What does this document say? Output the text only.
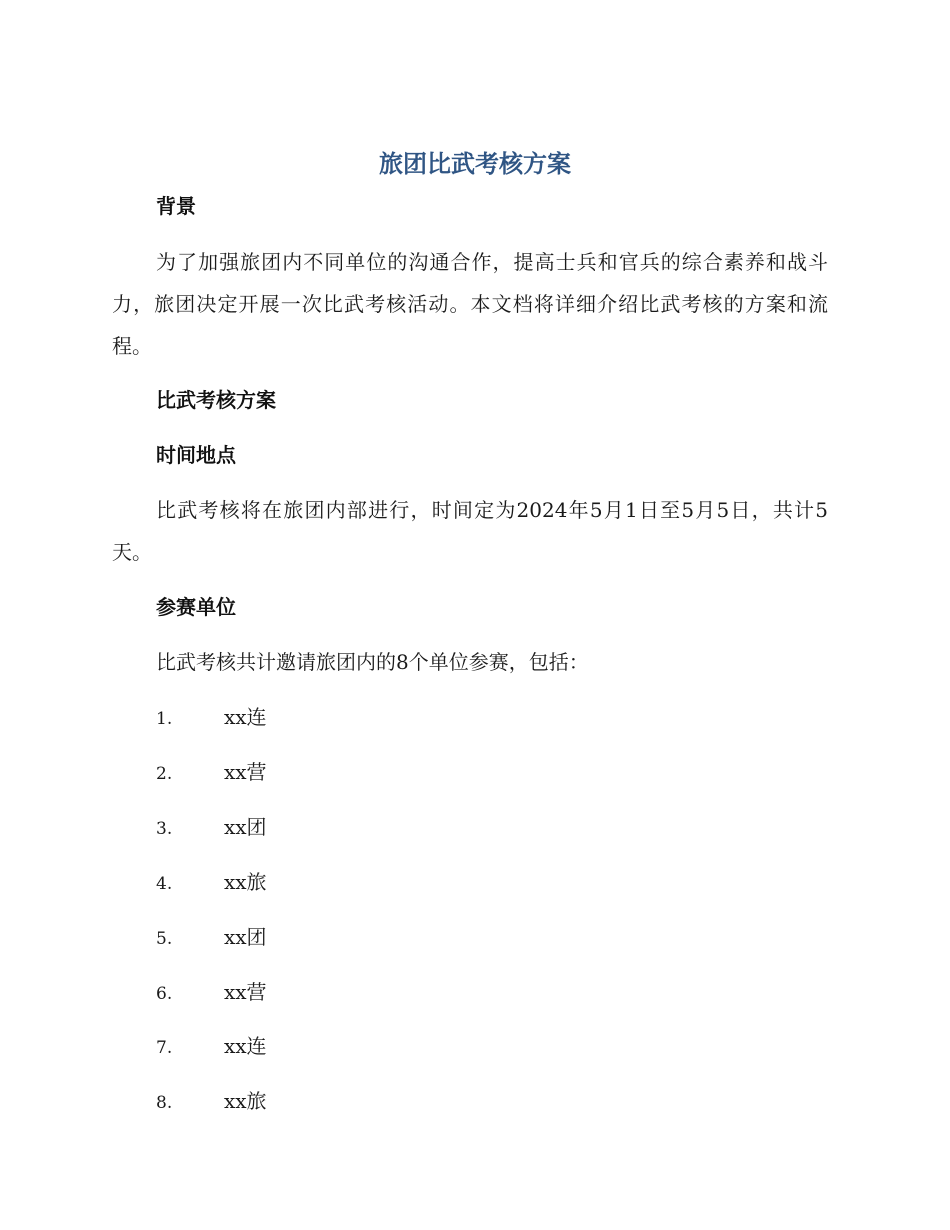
旅团比武考核方案
背景
为了加强旅团内不同单位的沟通合作，提高士兵和官兵的综合素养和战斗力，旅团决定开展一次比武考核活动。本文档将详细介绍比武考核的方案和流程。
比武考核方案
时间地点
比武考核将在旅团内部进行，时间定为2024年5月1日至5月5日，共计5天。
参赛单位
比武考核共计邀请旅团内的8个单位参赛，包括：
1.	xx连
2.	xx营
3.	xx团
4.	xx旅
5.	xx团
6.	xx营
7.	xx连
8.	xx旅
